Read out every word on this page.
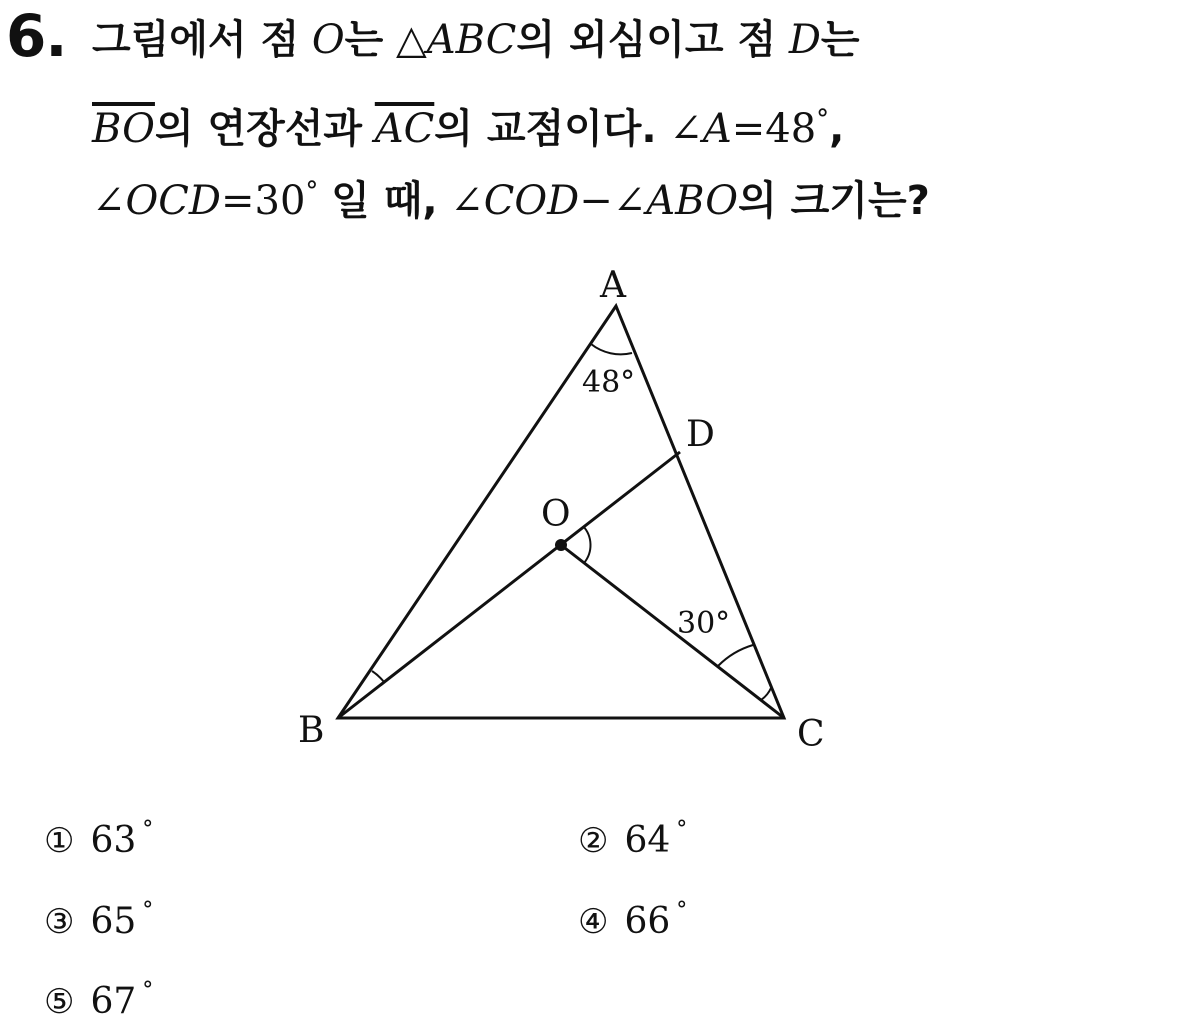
6. 그림에서 점 O는 △ABC의 외심이고 점 D는
$\overline{BO}$의 연장선과 $\overline{AC}$의 교점이다. ∠A=48°,
∠OCD=30° 일 때, ∠COD−∠ABO의 크기는?
A
B	C
D
O
48°
30°
① 63 °	② 64 °
③ 65 °	④ 66 °
⑤ 67 °
